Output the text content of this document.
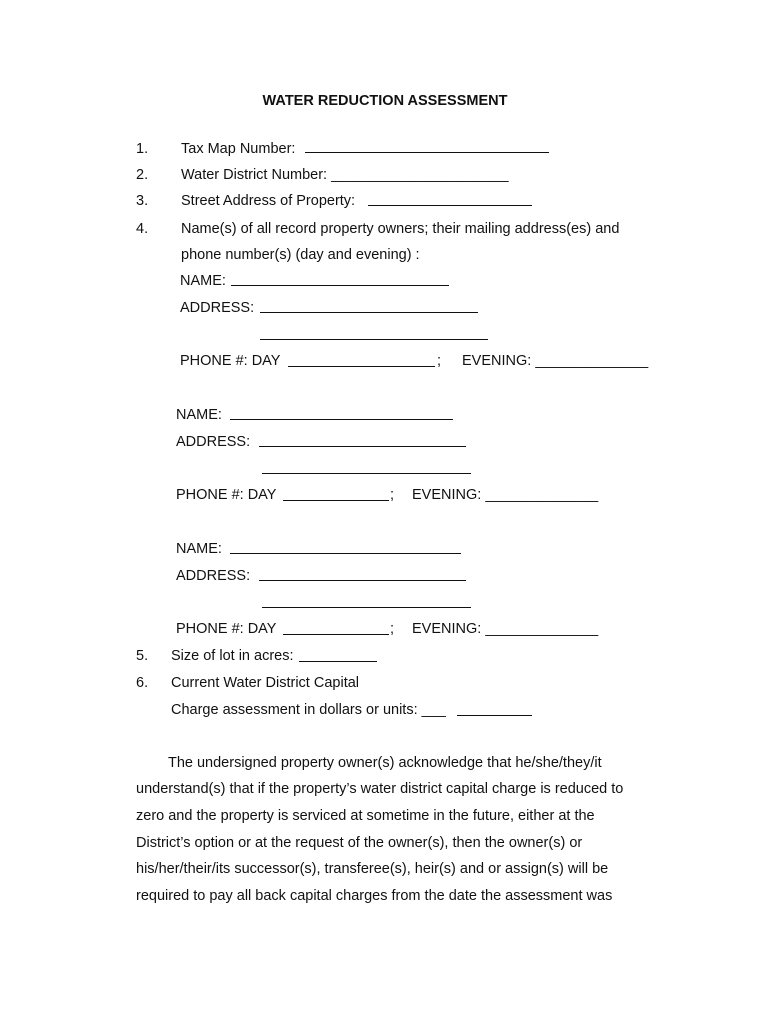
WATER REDUCTION ASSESSMENT
1. Tax Map Number:
2. Water District Number: ______________________
3. Street Address of Property:
4. Name(s) of all record property owners; their mailing address(es) and
phone number(s) (day and evening) :
NAME:
ADDRESS:
PHONE #: DAY	; EVENING: ______________
NAME:
ADDRESS:
PHONE #: DAY	; EVENING: ______________
NAME:
ADDRESS:
PHONE #: DAY	; EVENING: ______________
5. Size of lot in acres:
6. Current Water District Capital
Charge assessment in dollars or units: ___
The undersigned property owner(s) acknowledge that he/she/they/it
understand(s) that if the property’s water district capital charge is reduced to
zero and the property is serviced at sometime in the future, either at the
District’s option or at the request of the owner(s), then the owner(s) or
his/her/their/its successor(s), transferee(s), heir(s) and or assign(s) will be
required to pay all back capital charges from the date the assessment was
